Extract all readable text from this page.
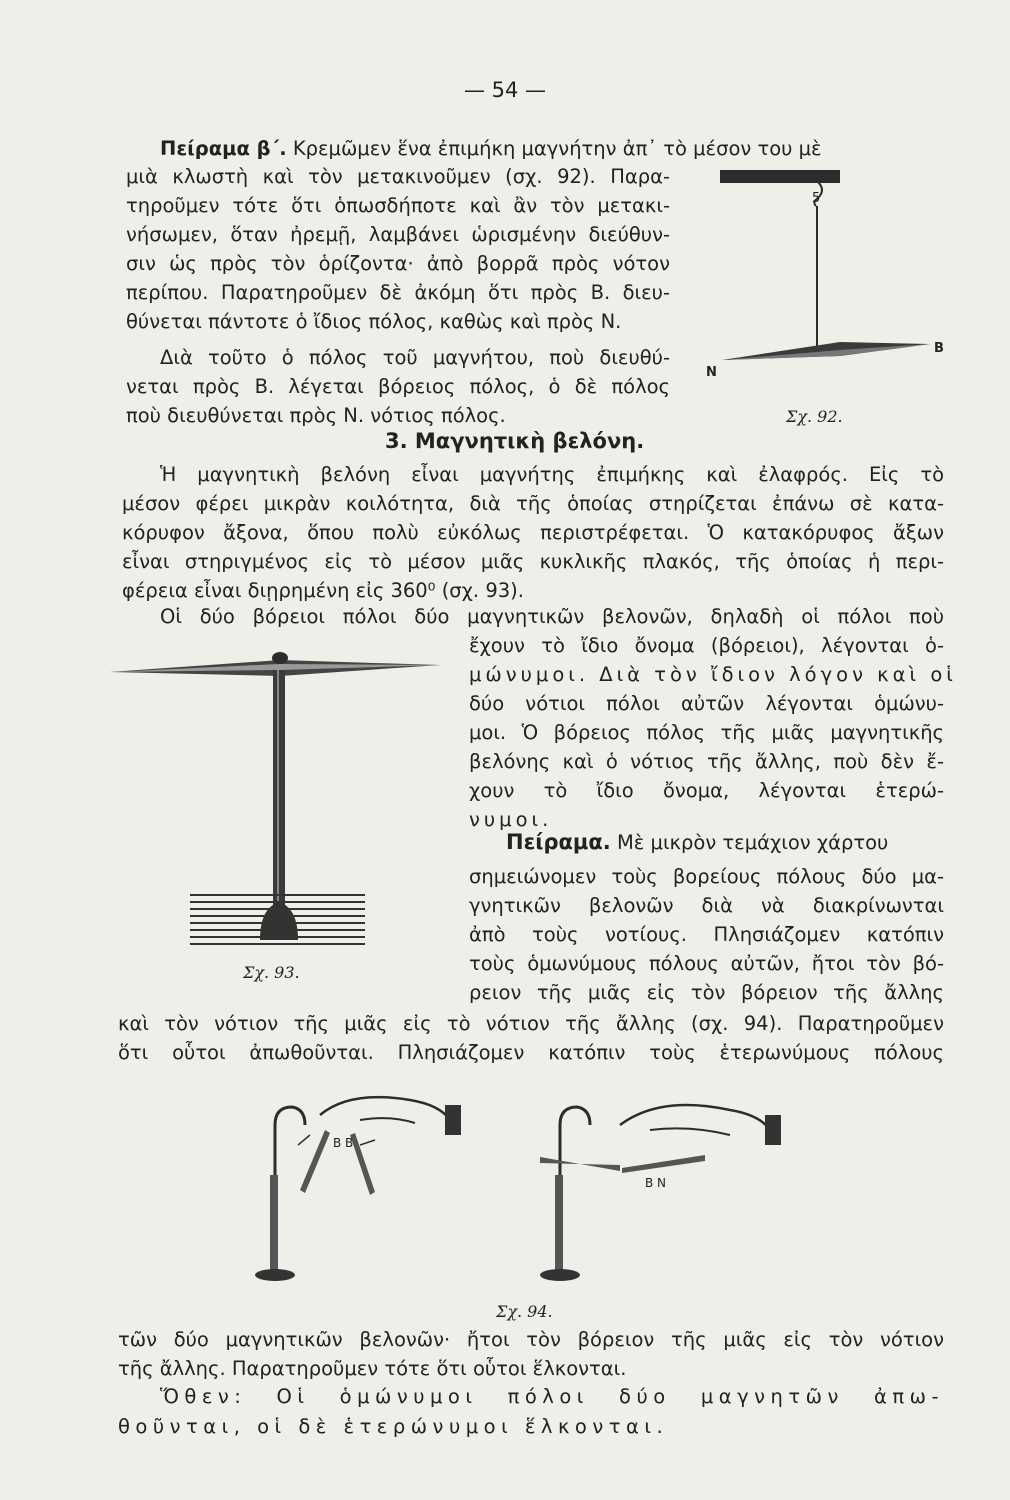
— 54 —
Πείραμα β΄. Κρεμῶμεν ἕνα ἐπιμήκη μαγνήτην ἀπ᾽ τὸ μέσον του μὲ
μιὰ κλωστὴ καὶ τὸν μετακινοῦμεν (σχ. 92). Παρα-
τηροῦμεν τότε ὅτι ὁπωσδήποτε καὶ ἂν τὸν μετακι-
νήσωμεν, ὅταν ἠρεμῇ, λαμβάνει ὡρισμένην διεύθυν-
σιν ὡς πρὸς τὸν ὁρίζοντα· ἀπὸ βορρᾶ πρὸς νότον
περίπου. Παρατηροῦμεν δὲ ἀκόμη ὅτι πρὸς Β. διευ-
θύνεται πάντοτε ὁ ἴδιος πόλος, καθὼς καὶ πρὸς Ν.
Διὰ τοῦτο ὁ πόλος τοῦ μαγνήτου, ποὺ διευθύ-
νεται πρὸς Β. λέγεται βόρειος πόλος, ὁ δὲ πόλος
ποὺ διευθύνεται πρὸς Ν. νότιος πόλος.
Ν
Β
5
Σχ. 92.
3. Μαγνητικὴ βελόνη.
Ἡ μαγνητικὴ βελόνη εἶναι μαγνήτης ἐπιμήκης καὶ ἐλαφρός. Εἰς τὸ
μέσον φέρει μικρὰν κοιλότητα, διὰ τῆς ὁποίας στηρίζεται ἐπάνω σὲ κατα-
κόρυφον ἄξονα, ὅπου πολὺ εὐκόλως περιστρέφεται. Ὁ κατακόρυφος ἄξων
εἶναι στηριγμένος εἰς τὸ μέσον μιᾶς κυκλικῆς πλακός, τῆς ὁποίας ἡ περι-
φέρεια εἶναι διῃρημένη εἰς 360⁰ (σχ. 93).
Οἱ δύο βόρειοι πόλοι δύο μαγνητικῶν βελονῶν, δηλαδὴ οἱ πόλοι ποὺ
ἔχουν τὸ ἴδιο ὄνομα (βόρειοι), λέγονται ὁ-
μώνυμοι. Διὰ τὸν ἴδιον λόγον καὶ οἱ
δύο νότιοι πόλοι αὐτῶν λέγονται ὁμώνυ-
μοι. Ὁ βόρειος πόλος τῆς μιᾶς μαγνητικῆς
βελόνης καὶ ὁ νότιος τῆς ἄλλης, ποὺ δὲν ἔ-
χουν τὸ ἴδιο ὄνομα, λέγονται ἑτερώ-
νυμοι.
Σχ. 93.
Πείραμα. Μὲ μικρὸν τεμάχιον χάρτου
σημειώνομεν τοὺς βορείους πόλους δύο μα-
γνητικῶν βελονῶν διὰ νὰ διακρίνωνται
ἀπὸ τοὺς νοτίους. Πλησιάζομεν κατόπιν
τοὺς ὁμωνύμους πόλους αὐτῶν, ἤτοι τὸν βό-
ρειον τῆς μιᾶς εἰς τὸν βόρειον τῆς ἄλλης
καὶ τὸν νότιον τῆς μιᾶς εἰς τὸ νότιον τῆς ἄλλης (σχ. 94). Παρατηροῦμεν
ὅτι οὗτοι ἀπωθοῦνται. Πλησιάζομεν κατόπιν τοὺς ἑτερωνύμους πόλους
Β Β
Β Ν
Σχ. 94.
τῶν δύο μαγνητικῶν βελονῶν· ἤτοι τὸν βόρειον τῆς μιᾶς εἰς τὸν νότιον
τῆς ἄλλης. Παρατηροῦμεν τότε ὅτι οὗτοι ἕλκονται.
Ὅθεν: Οἱ ὁμώνυμοι πόλοι δύο μαγνητῶν ἀπω-
θοῦνται, οἱ δὲ ἑτερώνυμοι ἕλκονται.
